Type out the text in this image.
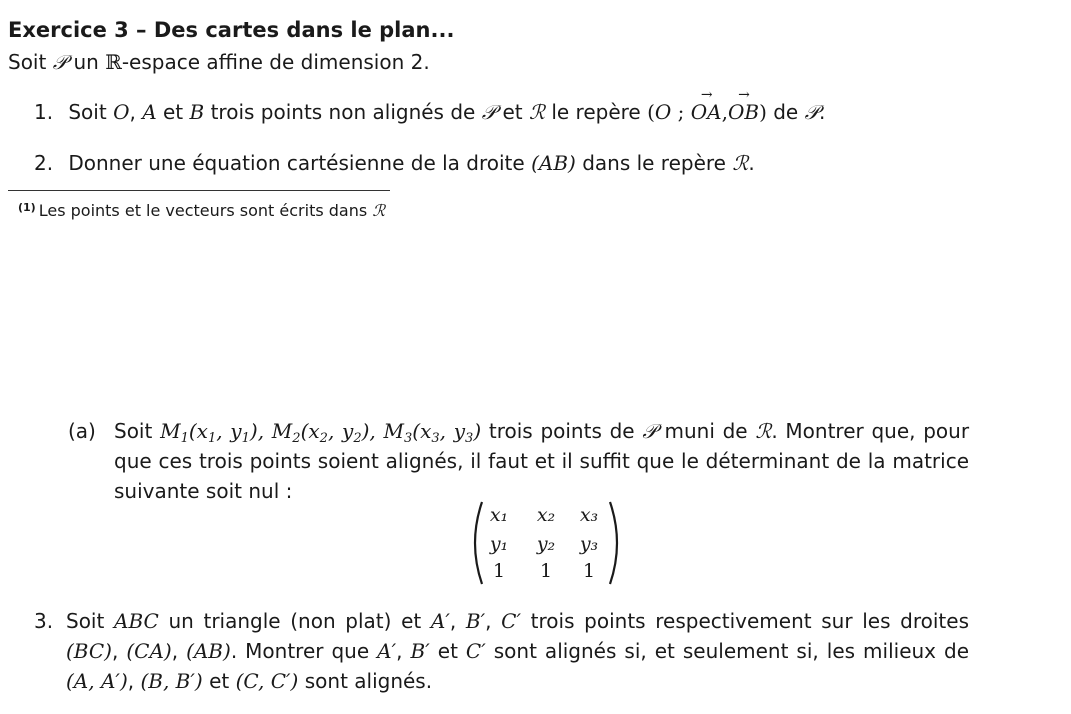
Exercice 3 – Des cartes dans le plan...
Soit 𝒫 un ℝ-espace affine de dimension 2.
1. Soit O, A et B trois points non alignés de 𝒫 et ℛ le repère (O ; OA →,OB →) de 𝒫.
2. Donner une équation cartésienne de la droite (AB) dans le repère ℛ.
$^{(1)}$ Les points et le vecteurs sont écrits dans ℛ
(a) Soit $M_1(x_1$, $y_1$), $M_2(x_2$, $y_2$), $M_3(x_3$, $y_3$) trois points de 𝒫 muni de ℛ. Montrer que, pour que ces trois points soient alignés, il faut et il suffit que le déterminant de la matrice suivante soit nul :
x₁	x₂	x₃
y₁	y₂	y₃
1	1	1
3. Soit ABC un triangle (non plat) et A′, B′, C′ trois points respectivement sur les droites (BC), (CA), (AB). Montrer que A′, B′ et C′ sont alignés si, et seulement si, les milieux de (A, A′), (B, B′) et (C, C′) sont alignés.
